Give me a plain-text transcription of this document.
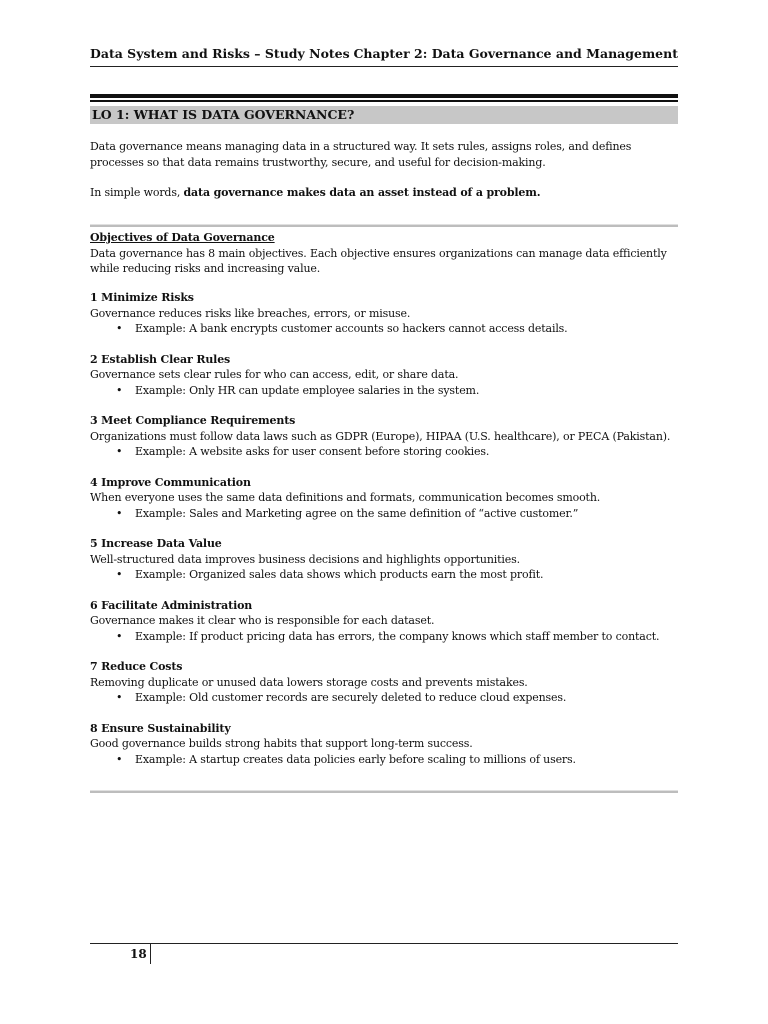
Data System and Risks – Study Notes Chapter 2: Data Governance and Management
LO 1: WHAT IS DATA GOVERNANCE?
Data governance means managing data in a structured way. It sets rules, assigns roles, and defines processes so that data remains trustworthy, secure, and useful for decision-making.
In simple words, data governance makes data an asset instead of a problem.
Objectives of Data Governance
Data governance has 8 main objectives. Each objective ensures organizations can manage data efficiently while reducing risks and increasing value.
1 Minimize Risks
Governance reduces risks like breaches, errors, or misuse.
• Example: A bank encrypts customer accounts so hackers cannot access details.
2 Establish Clear Rules
Governance sets clear rules for who can access, edit, or share data.
• Example: Only HR can update employee salaries in the system.
3 Meet Compliance Requirements
Organizations must follow data laws such as GDPR (Europe), HIPAA (U.S. healthcare), or PECA (Pakistan).
• Example: A website asks for user consent before storing cookies.
4 Improve Communication
When everyone uses the same data definitions and formats, communication becomes smooth.
• Example: Sales and Marketing agree on the same definition of “active customer.”
5 Increase Data Value
Well-structured data improves business decisions and highlights opportunities.
• Example: Organized sales data shows which products earn the most profit.
6 Facilitate Administration
Governance makes it clear who is responsible for each dataset.
• Example: If product pricing data has errors, the company knows which staff member to contact.
7 Reduce Costs
Removing duplicate or unused data lowers storage costs and prevents mistakes.
• Example: Old customer records are securely deleted to reduce cloud expenses.
8 Ensure Sustainability
Good governance builds strong habits that support long-term success.
• Example: A startup creates data policies early before scaling to millions of users.
18
